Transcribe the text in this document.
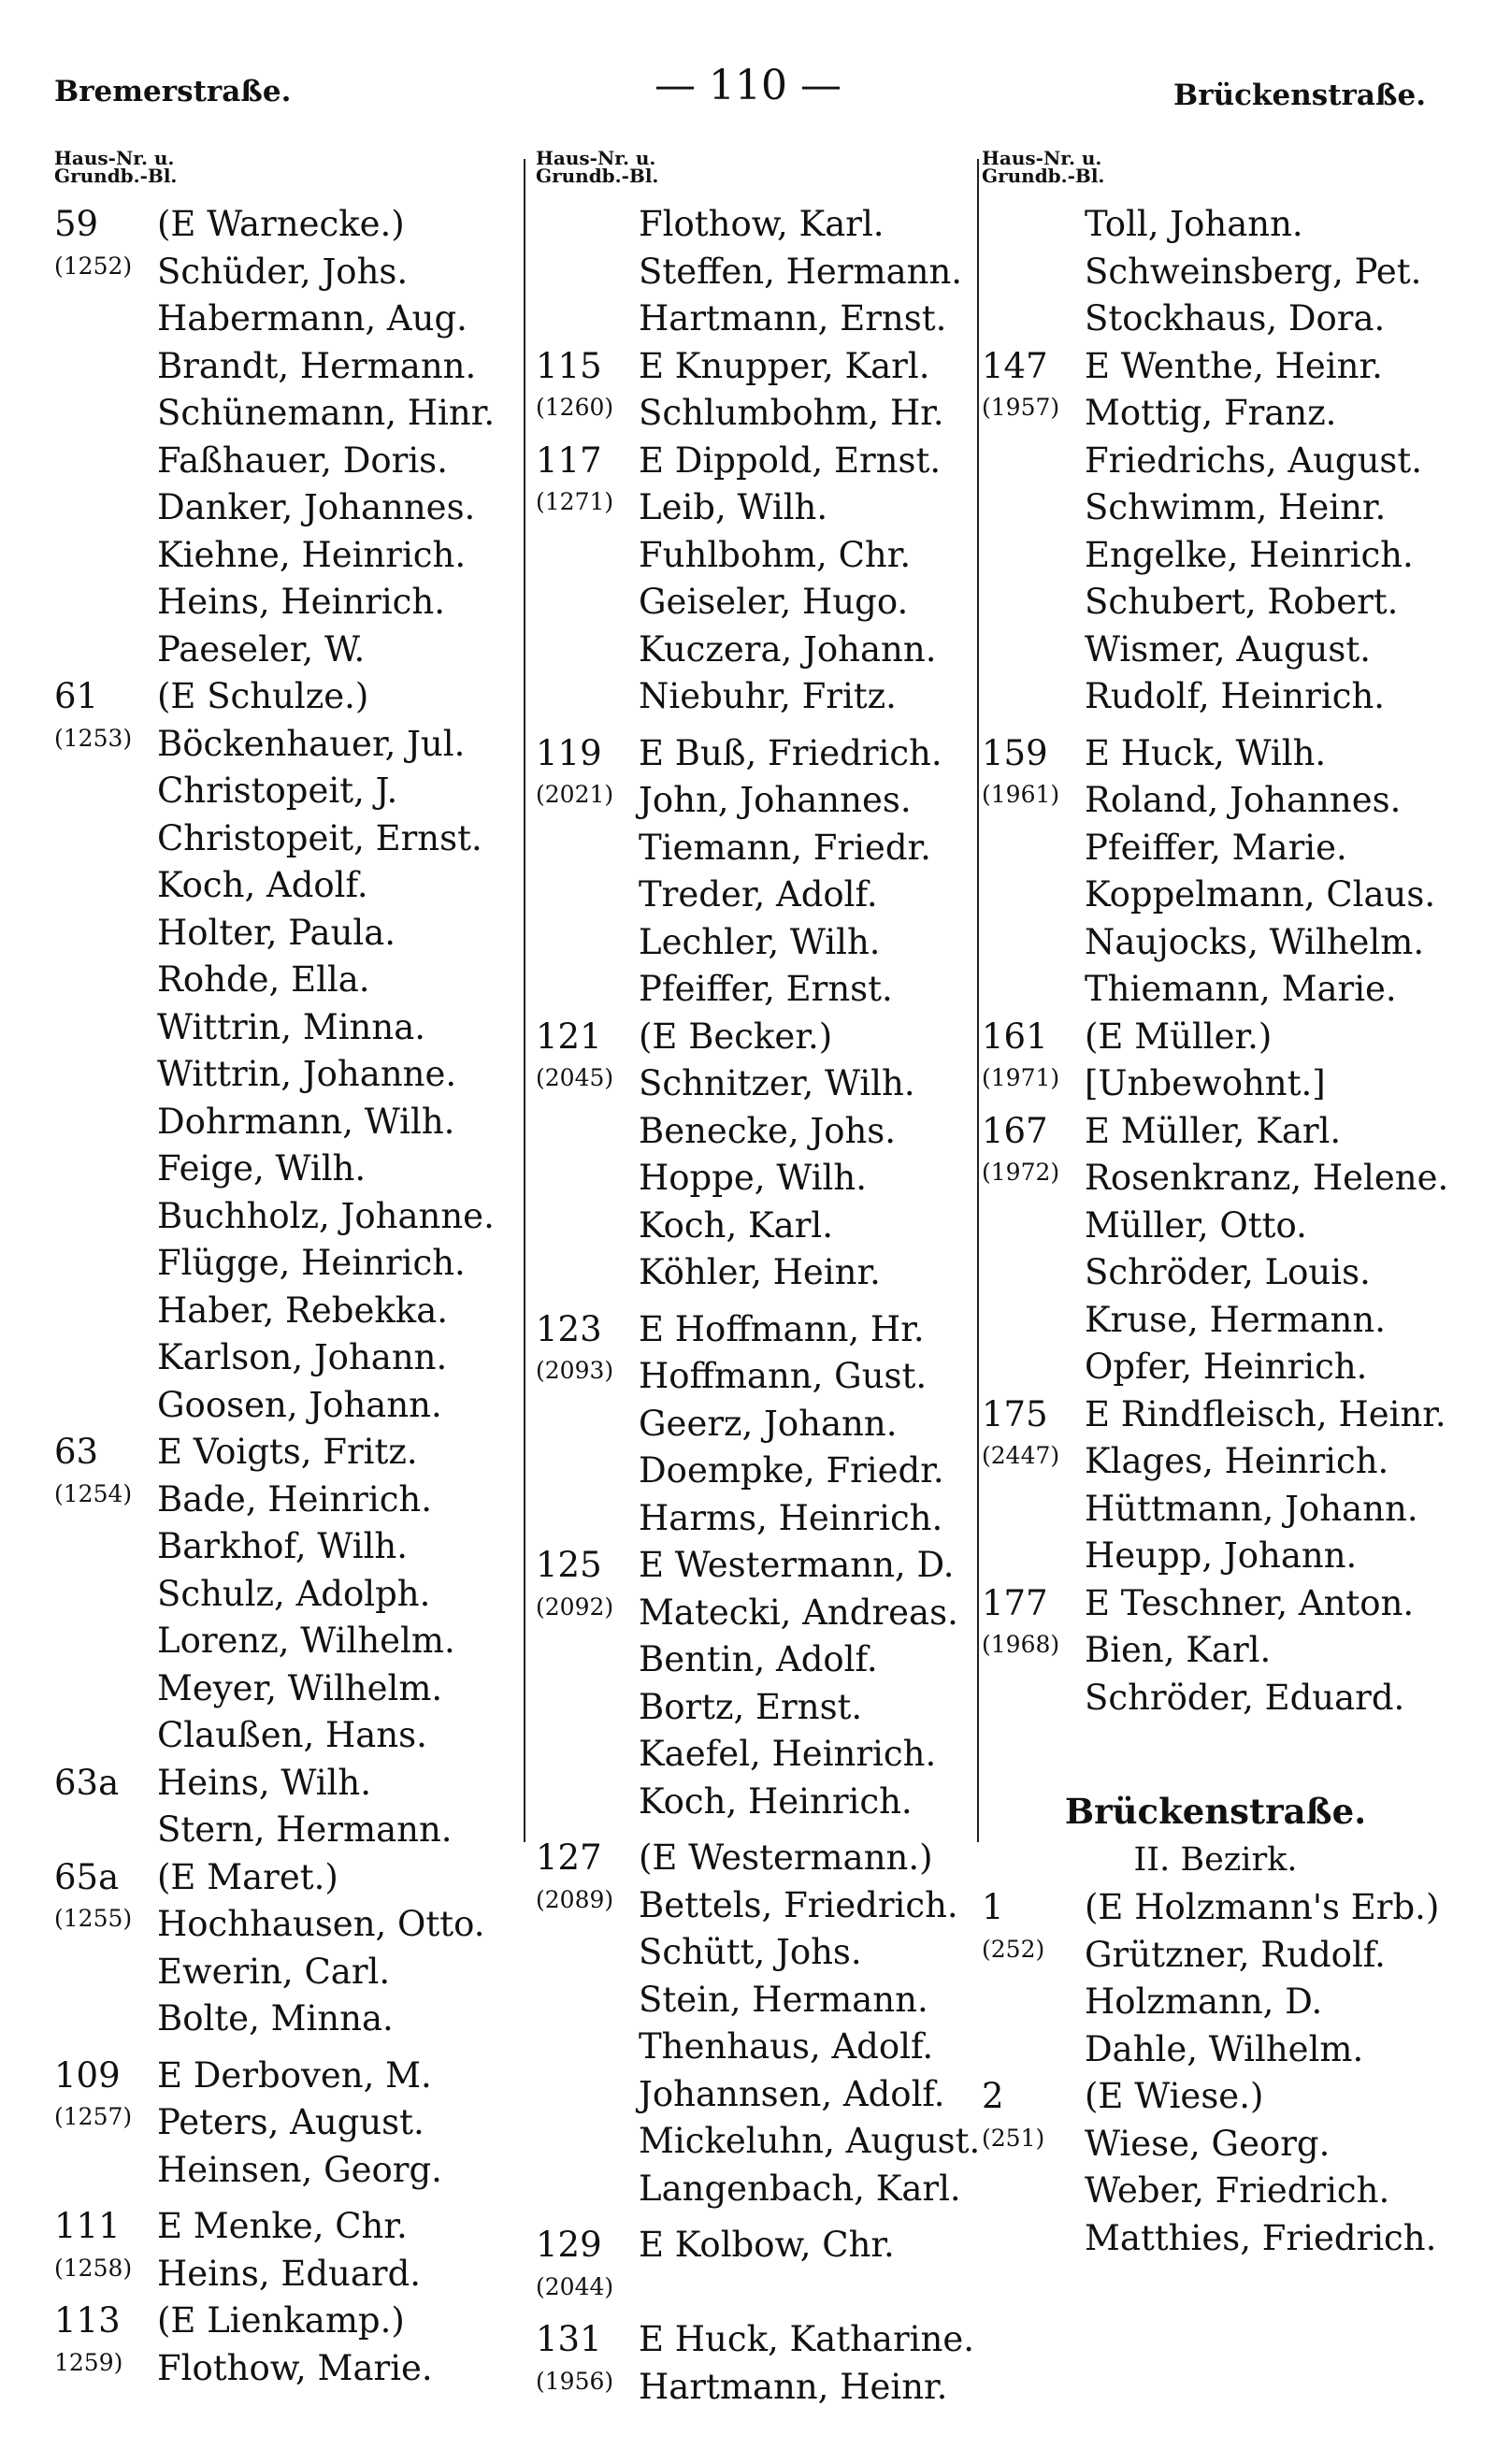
Bremerstraße.	— 110 —	Brückenstraße.
Haus-Nr. u.
Grundb.-Bl.
59 (E Warnecke.)
(1252) Schüder, Johs.
Habermann, Aug.
Brandt, Hermann.
Schünemann, Hinr.
Faßhauer, Doris.
Danker, Johannes.
Kiehne, Heinrich.
Heins, Heinrich.
Paeseler, W.
61 (E Schulze.)
(1253) Böckenhauer, Jul.
Christopeit, J.
Christopeit, Ernst.
Koch, Adolf.
Holter, Paula.
Rohde, Ella.
Wittrin, Minna.
Wittrin, Johanne.
Dohrmann, Wilh.
Feige, Wilh.
Buchholz, Johanne.
Flügge, Heinrich.
Haber, Rebekka.
Karlson, Johann.
Goosen, Johann.
63 E Voigts, Fritz.
(1254) Bade, Heinrich.
Barkhof, Wilh.
Schulz, Adolph.
Lorenz, Wilhelm.
Meyer, Wilhelm.
Claußen, Hans.
63a Heins, Wilh.
Stern, Hermann.
65a (E Maret.)
(1255) Hochhausen, Otto.
Ewerin, Carl.
Bolte, Minna.
109 E Derboven, M.
(1257) Peters, August.
Heinsen, Georg.
111 E Menke, Chr.
(1258) Heins, Eduard.
113 (E Lienkamp.)
1259) Flothow, Marie.
Haus-Nr. u.
Grundb.-Bl.
Flothow, Karl.
Steffen, Hermann.
Hartmann, Ernst.
115 E Knupper, Karl.
(1260) Schlumbohm, Hr.
117 E Dippold, Ernst.
(1271) Leib, Wilh.
Fuhlbohm, Chr.
Geiseler, Hugo.
Kuczera, Johann.
Niebuhr, Fritz.
119 E Buß, Friedrich.
(2021) John, Johannes.
Tiemann, Friedr.
Treder, Adolf.
Lechler, Wilh.
Pfeiffer, Ernst.
121 (E Becker.)
(2045) Schnitzer, Wilh.
Benecke, Johs.
Hoppe, Wilh.
Koch, Karl.
Köhler, Heinr.
123 E Hoffmann, Hr.
(2093) Hoffmann, Gust.
Geerz, Johann.
Doempke, Friedr.
Harms, Heinrich.
125 E Westermann, D.
(2092) Matecki, Andreas.
Bentin, Adolf.
Bortz, Ernst.
Kaefel, Heinrich.
Koch, Heinrich.
127 (E Westermann.)
(2089) Bettels, Friedrich.
Schütt, Johs.
Stein, Hermann.
Thenhaus, Adolf.
Johannsen, Adolf.
Mickeluhn, August.
Langenbach, Karl.
129 E Kolbow, Chr.
(2044)
131 E Huck, Katharine.
(1956) Hartmann, Heinr.
Haus-Nr. u.
Grundb.-Bl.
Toll, Johann.
Schweinsberg, Pet.
Stockhaus, Dora.
147 E Wenthe, Heinr.
(1957) Mottig, Franz.
Friedrichs, August.
Schwimm, Heinr.
Engelke, Heinrich.
Schubert, Robert.
Wismer, August.
Rudolf, Heinrich.
159 E Huck, Wilh.
(1961) Roland, Johannes.
Pfeiffer, Marie.
Koppelmann, Claus.
Naujocks, Wilhelm.
Thiemann, Marie.
161 (E Müller.)
(1971) [Unbewohnt.]
167 E Müller, Karl.
(1972) Rosenkranz, Helene.
Müller, Otto.
Schröder, Louis.
Kruse, Hermann.
Opfer, Heinrich.
175 E Rindfleisch, Heinr.
(2447) Klages, Heinrich.
Hüttmann, Johann.
Heupp, Johann.
177 E Teschner, Anton.
(1968) Bien, Karl.
Schröder, Eduard.
Brückenstraße.
II. Bezirk.
1 (E Holzmann's Erb.)
(252) Grützner, Rudolf.
Holzmann, D.
Dahle, Wilhelm.
2 (E Wiese.)
(251) Wiese, Georg.
Weber, Friedrich.
Matthies, Friedrich.
